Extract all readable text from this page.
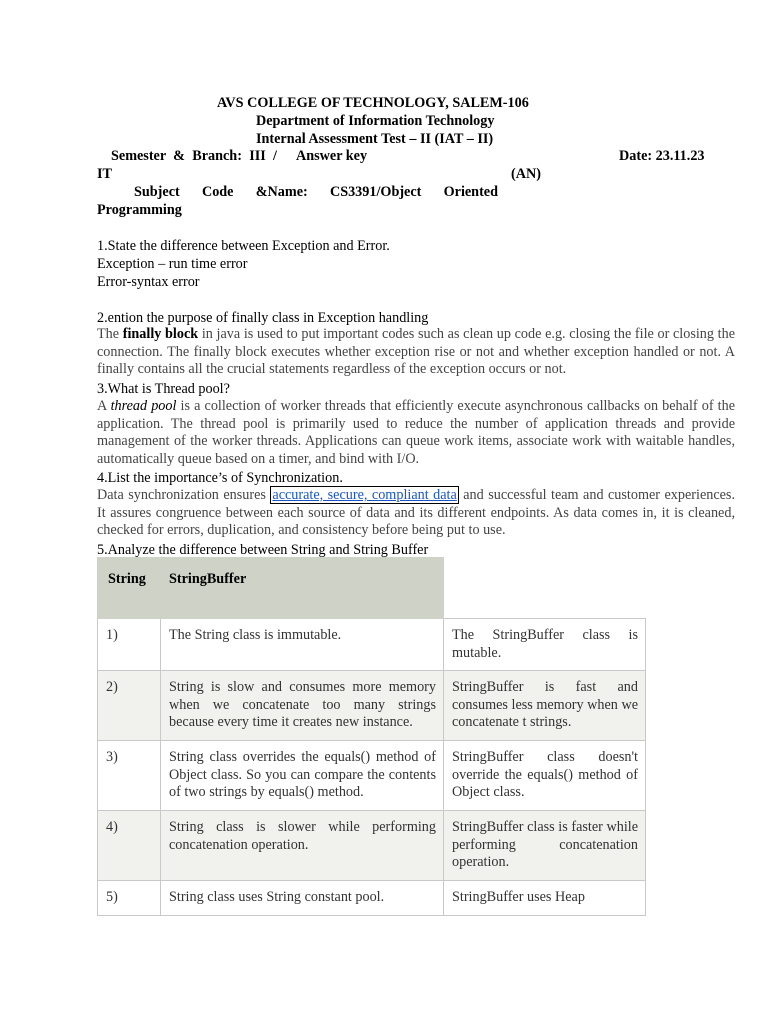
AVS COLLEGE OF TECHNOLOGY, SALEM-106
Department of Information Technology
Internal Assessment Test – II (IAT – II)
Semester & Branch: III /
IT
Answer key	Date: 23.11.23
(AN)
Subject Code &Name: CS3391/Object Oriented
Programming
1.State the difference between Exception and Error.
Exception – run time error
Error-syntax error
2.ention the purpose of finally class in Exception handling
The finally block in java is used to put important codes such as clean up code e.g. closing the file or closing the connection. The finally block executes whether exception rise or not and whether exception handled or not. A finally contains all the crucial statements regardless of the exception occurs or not.
3.What is Thread pool?
A thread pool is a collection of worker threads that efficiently execute asynchronous callbacks on behalf of the application. The thread pool is primarily used to reduce the number of application threads and provide management of the worker threads. Applications can queue work items, associate work with waitable handles, automatically queue based on a timer, and bind with I/O.
4.List the importance’s of Synchronization.
Data synchronization ensures accurate, secure, compliant data and successful team and customer experiences. It assures congruence between each source of data and its different endpoints. As data comes in, it is cleaned, checked for errors, duplication, and consistency before being put to use.
5.Analyze the difference between String and String Buffer
String	StringBuffer	
1)	The String class is immutable.	The StringBuffer class is mutable.
2)	String is slow and consumes more memory when we concatenate too many strings because every time it creates new instance.	StringBuffer is fast and consumes less memory when we concatenate t strings.
3)	String class overrides the equals() method of Object class. So you can compare the contents of two strings by equals() method.	StringBuffer class doesn't override the equals() method of Object class.
4)	String class is slower while performing concatenation operation.	StringBuffer class is faster while performing concatenation operation.
5)	String class uses String constant pool.	StringBuffer uses Heap
